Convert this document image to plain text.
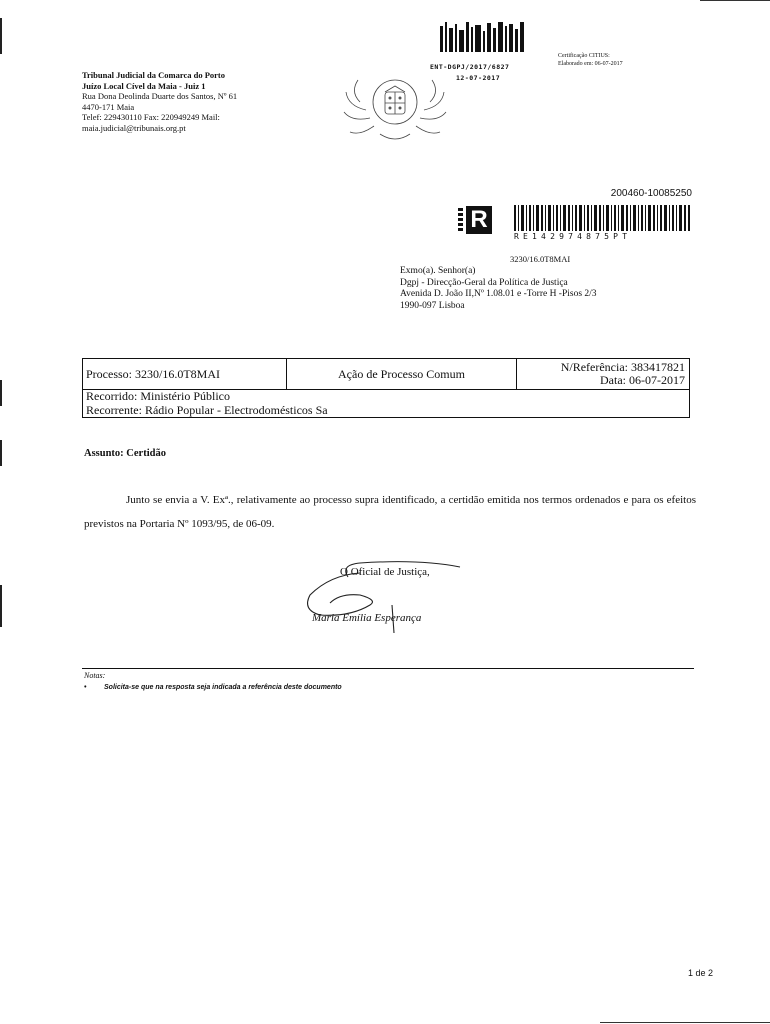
Tribunal Judicial da Comarca do Porto
Juízo Local Cível da Maia - Juiz 1
Rua Dona Deolinda Duarte dos Santos, Nº 61
4470-171 Maia
Telef: 229430110 Fax: 220949249 Mail:
maia.judicial@tribunais.org.pt
ENT-DGPJ/2017/6827
12-07-2017
Certificação CITIUS:
Elaborado em: 06-07-2017
200460-10085250
R
RE142974875PT
3230/16.0T8MAI
Exmo(a). Senhor(a)
Dgpj - Direcção-Geral da Política de Justiça
Avenida D. João II,Nº 1.08.01 e -Torre H -Pisos 2/3
1990-097 Lisboa
Processo: 3230/16.0T8MAI	Ação de Processo Comum	N/Referência: 383417821
Data: 06-07-2017
Recorrido: Ministério Público
Recorrente: Rádio Popular - Electrodomésticos Sa
Assunto: Certidão
Junto se envia a V. Exª., relativamente ao processo supra identificado, a certidão emitida nos termos ordenados e para os efeitos previstos na Portaria Nº 1093/95, de 06-09.
O Oficial de Justiça,
Maria Emília Esperança
Notas:
•	Solicita-se que na resposta seja indicada a referência deste documento
1 de 2
